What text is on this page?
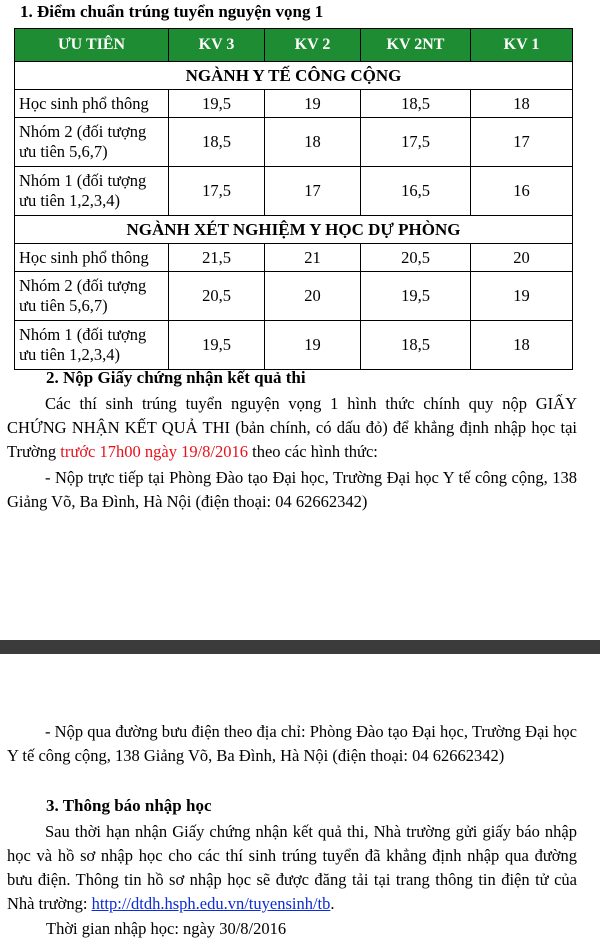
1. Điểm chuẩn trúng tuyển nguyện vọng 1
ƯU TIÊN	KV 3	KV 2	KV 2NT	KV 1
NGÀNH Y TẾ CÔNG CỘNG				
Học sinh phổ thông	19,5	19	18,5	18
Nhóm 2 (đối tượng
ưu tiên 5,6,7)	18,5	18	17,5	17
Nhóm 1 (đối tượng
ưu tiên 1,2,3,4)	17,5	17	16,5	16
NGÀNH XÉT NGHIỆM Y HỌC DỰ PHÒNG				
Học sinh phổ thông	21,5	21	20,5	20
Nhóm 2 (đối tượng
ưu tiên 5,6,7)	20,5	20	19,5	19
Nhóm 1 (đối tượng
ưu tiên 1,2,3,4)	19,5	19	18,5	18
2. Nộp Giấy chứng nhận kết quả thi
Các thí sinh trúng tuyển nguyện vọng 1 hình thức chính quy nộp GIẤY CHỨNG NHẬN KẾT QUẢ THI (bản chính, có dấu đỏ) để khẳng định nhập học tại Trường trước 17h00 ngày 19/8/2016 theo các hình thức:
- Nộp trực tiếp tại Phòng Đào tạo Đại học, Trường Đại học Y tế công cộng, 138 Giảng Võ, Ba Đình, Hà Nội (điện thoại: 04 62662342)
- Nộp qua đường bưu điện theo địa chỉ: Phòng Đào tạo Đại học, Trường Đại học Y tế công cộng, 138 Giảng Võ, Ba Đình, Hà Nội (điện thoại: 04 62662342)
3. Thông báo nhập học
Sau thời hạn nhận Giấy chứng nhận kết quả thi, Nhà trường gửi giấy báo nhập học và hồ sơ nhập học cho các thí sinh trúng tuyển đã khẳng định nhập qua đường bưu điện. Thông tin hồ sơ nhập học sẽ được đăng tải tại trang thông tin điện tử của Nhà trường: http://dtdh.hsph.edu.vn/tuyensinh/tb.
Thời gian nhập học: ngày 30/8/2016
